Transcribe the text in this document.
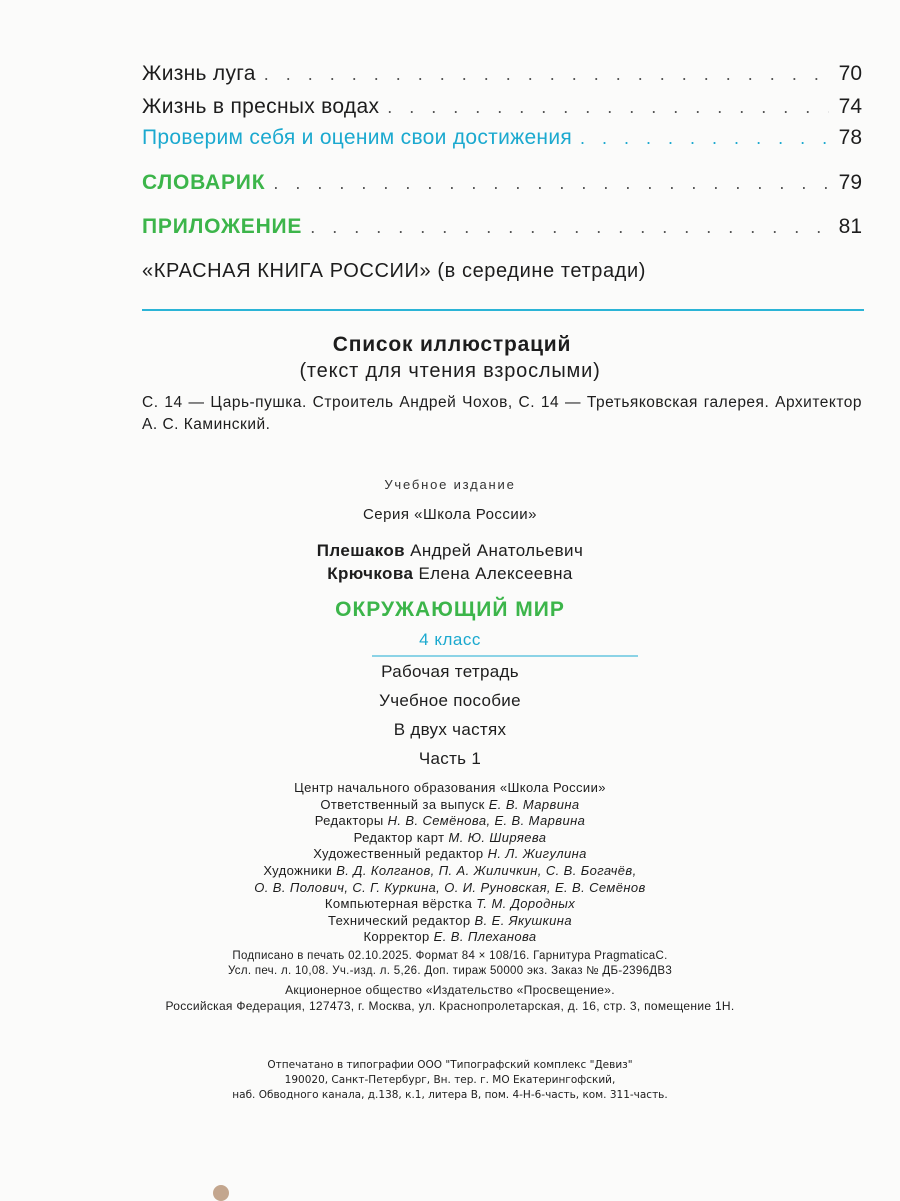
Жизнь луга . . .	70
Жизнь в пресных водах . . .	74
Проверим себя и оценим свои достижения . . .	78
СЛОВАРИК . . .	79
ПРИЛОЖЕНИЕ . . .	81
«КРАСНАЯ КНИГА РОССИИ» (в середине тетради)
Список иллюстраций
(текст для чтения взрослыми)
С. 14 — Царь-пушка. Строитель Андрей Чохов, С. 14 — Третьяковская галерея. Архитектор А. С. Каминский.
Учебное издание
Серия «Школа России»
Плешаков Андрей Анатольевич
Крючкова Елена Алексеевна
ОКРУЖАЮЩИЙ МИР
4 класс
Рабочая тетрадь
Учебное пособие
В двух частях
Часть 1
Центр начального образования «Школа России»
Ответственный за выпуск Е. В. Марвина
Редакторы Н. В. Семёнова, Е. В. Марвина
Редактор карт М. Ю. Ширяева
Художественный редактор Н. Л. Жигулина
Художники В. Д. Колганов, П. А. Жиличкин, С. В. Богачёв,
О. В. Полович, С. Г. Куркина, О. И. Руновская, Е. В. Семёнов
Компьютерная вёрстка Т. М. Дородных
Технический редактор В. Е. Якушкина
Корректор Е. В. Плеханова
Подписано в печать 02.10.2025. Формат 84 × 108/16. Гарнитура PragmaticaC.
Усл. печ. л. 10,08. Уч.-изд. л. 5,26. Доп. тираж 50000 экз. Заказ № ДБ-2396ДВ3
Акционерное общество «Издательство «Просвещение».
Российская Федерация, 127473, г. Москва, ул. Краснопролетарская, д. 16, стр. 3, помещение 1Н.
Отпечатано в типографии ООО "Типографский комплекс "Девиз"
190020, Санкт-Петербург, Вн. тер. г. МО Екатерингофский,
наб. Обводного канала, д.138, к.1, литера В, пом. 4-Н-6-часть, ком. 311-часть.
